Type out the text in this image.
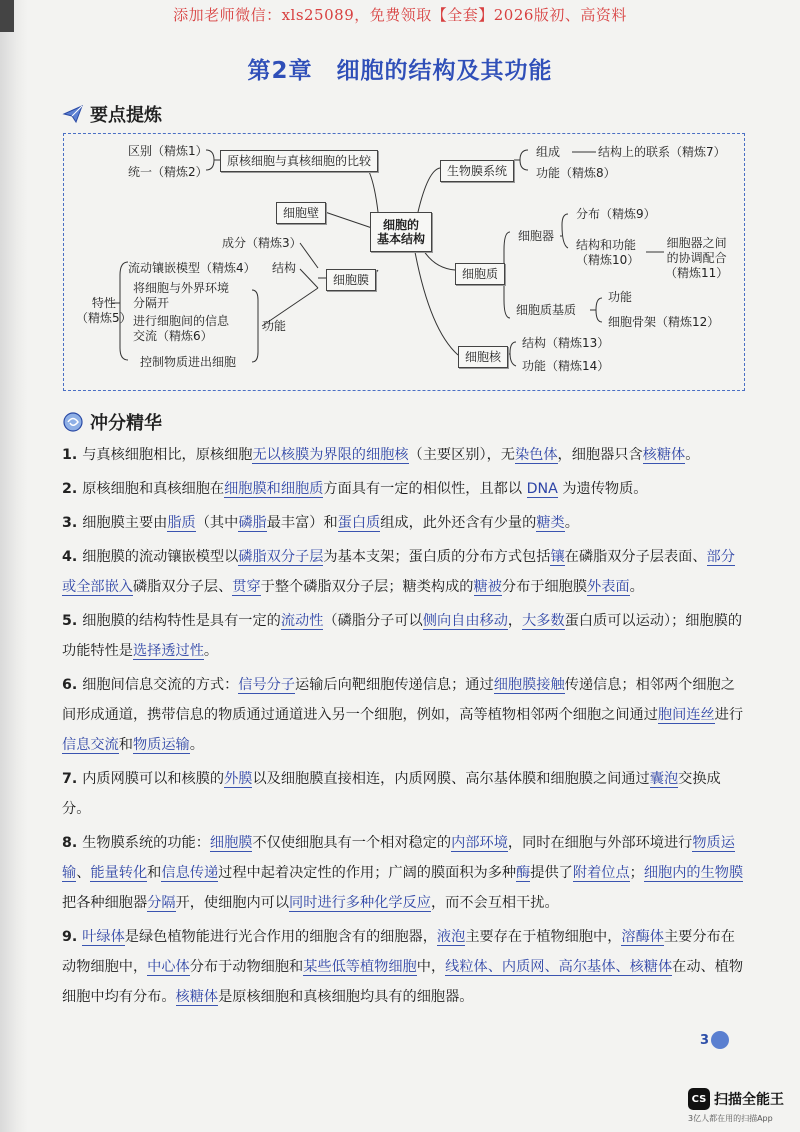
添加老师微信：xls25089，免费领取【全套】2026版初、高资料
第2章　细胞的结构及其功能
要点提炼
区别（精炼1）
统一（精炼2）
原核细胞与真核细胞的比较
细胞壁
细胞的
基本结构
成分（精炼3）
流动镶嵌模型（精炼4） 结构
细胞膜
特性
（精炼5）
将细胞与外界环境
分隔开
进行细胞间的信息
交流（精炼6）
功能
控制物质进出细胞
生物膜系统
组成	结构上的联系（精炼7）
功能（精炼8）
细胞器
分布（精炼9）
结构和功能
（精炼10）
细胞器之间
的协调配合
（精炼11）
细胞质
细胞质基质
功能
细胞骨架（精炼12）
细胞核
结构（精炼13）
功能（精炼14）
冲分精华
1. 与真核细胞相比，原核细胞无以核膜为界限的细胞核（主要区别），无染色体，细胞器只含核糖体。
2. 原核细胞和真核细胞在细胞膜和细胞质方面具有一定的相似性，且都以 DNA 为遗传物质。
3. 细胞膜主要由脂质（其中磷脂最丰富）和蛋白质组成，此外还含有少量的糖类。
4. 细胞膜的流动镶嵌模型以磷脂双分子层为基本支架；蛋白质的分布方式包括镶在磷脂双分子层表面、部分或全部嵌入磷脂双分子层、贯穿于整个磷脂双分子层；糖类构成的糖被分布于细胞膜外表面。
5. 细胞膜的结构特性是具有一定的流动性（磷脂分子可以侧向自由移动，大多数蛋白质可以运动）；细胞膜的功能特性是选择透过性。
6. 细胞间信息交流的方式：信号分子运输后向靶细胞传递信息；通过细胞膜接触传递信息；相邻两个细胞之间形成通道，携带信息的物质通过通道进入另一个细胞，例如，高等植物相邻两个细胞之间通过胞间连丝进行信息交流和物质运输。
7. 内质网膜可以和核膜的外膜以及细胞膜直接相连，内质网膜、高尔基体膜和细胞膜之间通过囊泡交换成分。
8. 生物膜系统的功能：细胞膜不仅使细胞具有一个相对稳定的内部环境，同时在细胞与外部环境进行物质运输、能量转化和信息传递过程中起着决定性的作用；广阔的膜面积为多种酶提供了附着位点；细胞内的生物膜把各种细胞器分隔开，使细胞内可以同时进行多种化学反应，而不会互相干扰。
9. 叶绿体是绿色植物能进行光合作用的细胞含有的细胞器，液泡主要存在于植物细胞中，溶酶体主要分布在动物细胞中，中心体分布于动物细胞和某些低等植物细胞中，线粒体、内质网、高尔基体、核糖体在动、植物细胞中均有分布。核糖体是原核细胞和真核细胞均具有的细胞器。
3
CS 扫描全能王
3亿人都在用的扫描App
